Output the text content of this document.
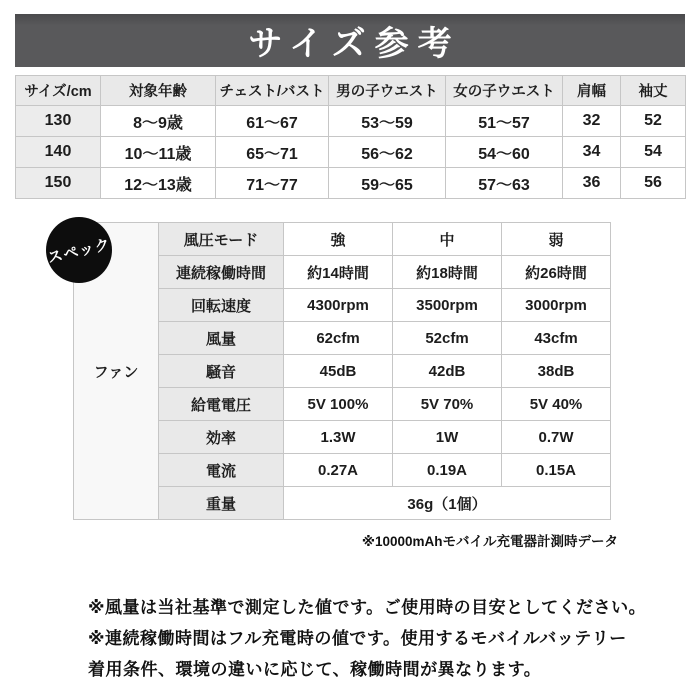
サイズ参考
サイズ/cm	対象年齢	チェスト/バスト	男の子ウエスト	女の子ウエスト	肩幅	袖丈
130	8〜9歳	61〜67	53〜59	51〜57	32	52
140	10〜11歳	65〜71	56〜62	54〜60	34	54
150	12〜13歳	71〜77	59〜65	57〜63	36	56
スペック
ファン	風圧モード	強	中	弱
	連続稼働時間	約14時間	約18時間	約26時間
	回転速度	4300rpm	3500rpm	3000rpm
	風量	62cfm	52cfm	43cfm
	騒音	45dB	42dB	38dB
	給電電圧	5V 100%	5V 70%	5V 40%
	効率	1.3W	1W	0.7W
	電流	0.27A	0.19A	0.15A
	重量	36g（1個）		
※10000mAhモバイル充電器計測時データ
※風量は当社基準で測定した値です。ご使用時の目安としてください。
※連続稼働時間はフル充電時の値です。使用するモバイルバッテリー
着用条件、環境の違いに応じて、稼働時間が異なります。
